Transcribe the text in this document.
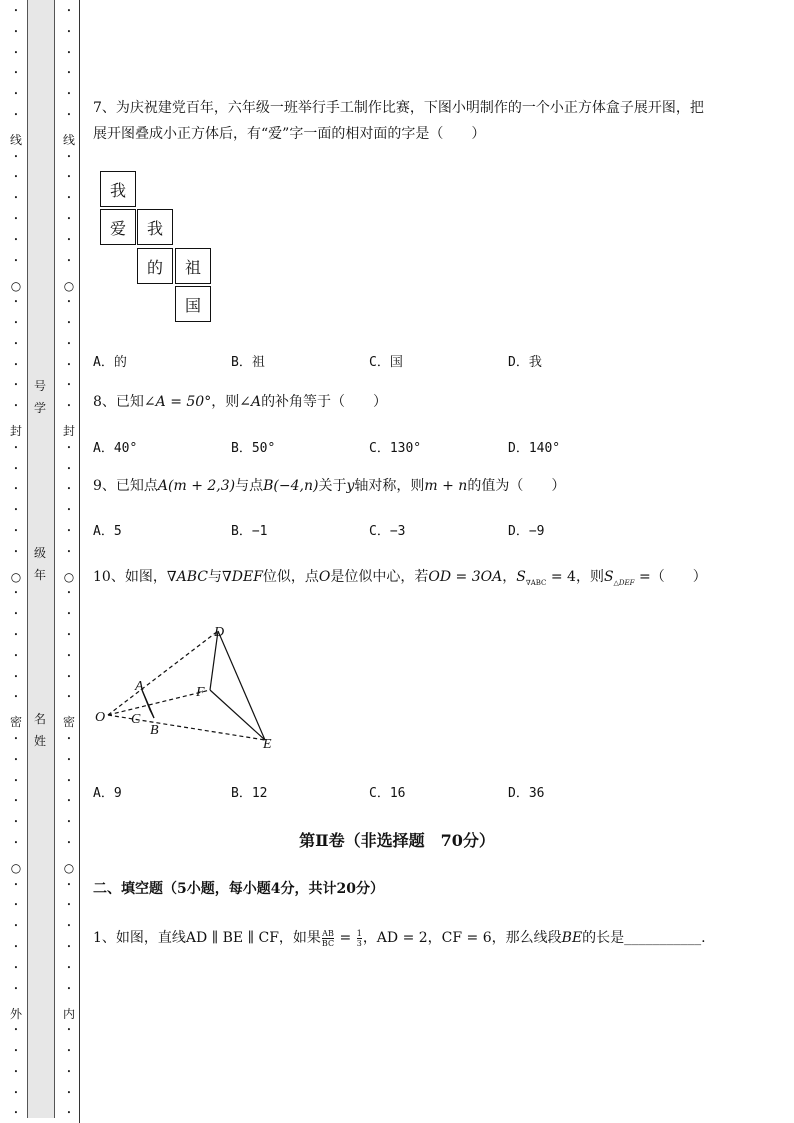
线
○
封
○
密
○
外
•
•
•
•
•
•
•
•
•
•
•
•
•
•
•
•
•
•
•
•
•
•
•
•
•
•
•
•
•
•
•
•
•
•
•
•
•
•
•
•
•
•
•
•
•
•
•
线
○
封
○
密
○
内
•
•
•
•
•
•
•
•
•
•
•
•
•
•
•
•
•
•
•
•
•
•
•
•
•
•
•
•
•
•
•
•
•
•
•
•
•
•
•
•
•
•
•
•
•
•
•
号
学
级
年
名
姓
7、为庆祝建党百年，六年级一班举行手工制作比赛，下图小明制作的一个小正方体盒子展开图，把
展开图叠成小正方体后，有“爱”字一面的相对面的字是（　　）
我
爱	我
的	祖
国
A．的	B．祖	C．国	D．我
8、已知∠A = 50°，则∠A的补角等于（　　）
A．40°	B．50°	C．130°	D．140°
9、已知点A(m + 2,3)与点B(−4,n)关于y轴对称，则m + n的值为（　　）
A．5	B．−1	C．−3	D．−9
10、如图，∇ABC与∇DEF位似，点O是位似中心，若OD = 3OA，$S_{\nabla ABC} = 4$，则$S_{\triangle DEF}$ =（　　）
D
A	F
O C
B
E
A．9	B．12	C．16	D．36
第Ⅱ卷（非选择题　70分）
二、填空题（5小题，每小题4分，共计20分）
1、如图，直线AD ∥ BE ∥ CF，如果 $\frac{AB}{BC} = \frac{1}{3}$ ，AD = 2，CF = 6，那么线段BE的长是___________.
